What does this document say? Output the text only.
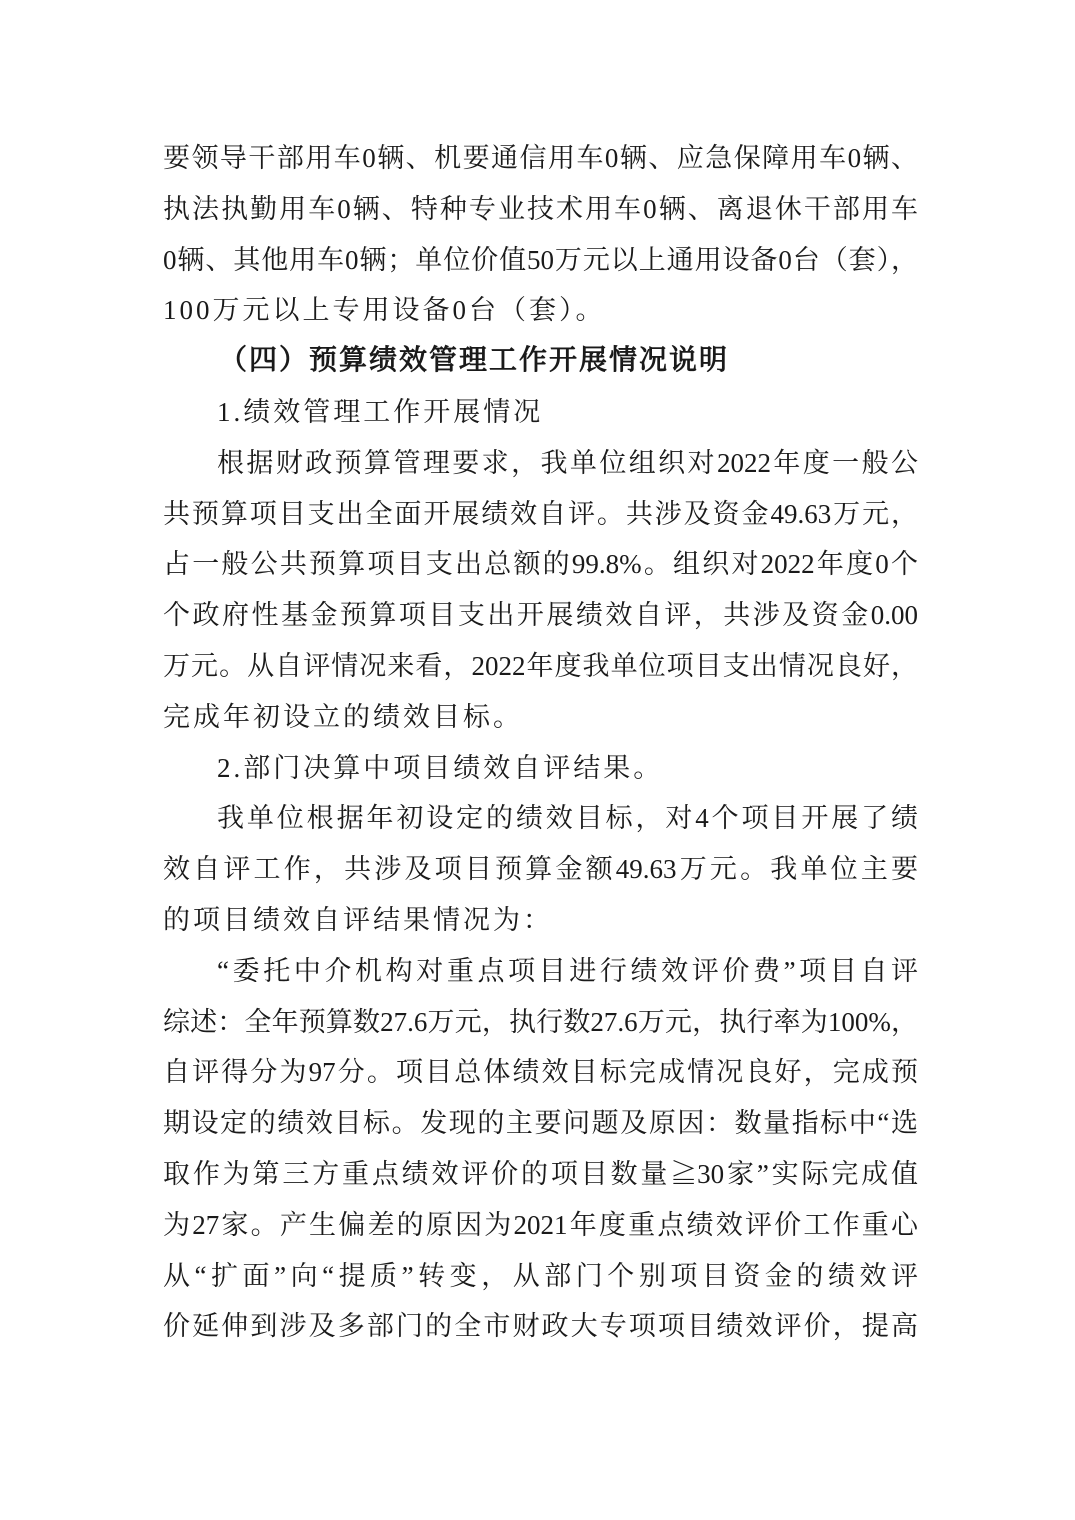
要领导干部用车0辆、机要通信用车0辆、应急保障用车0辆、
执法执勤用车0辆、特种专业技术用车0辆、离退休干部用车
0辆、其他用车0辆；单位价值50万元以上通用设备0台（套），
100万元以上专用设备0台（套）。
（四）预算绩效管理工作开展情况说明
1.绩效管理工作开展情况
根据财政预算管理要求，我单位组织对2022年度一般公
共预算项目支出全面开展绩效自评。共涉及资金49.63万元，
占一般公共预算项目支出总额的99.8%。组织对2022年度0个
个政府性基金预算项目支出开展绩效自评，共涉及资金0.00
万元。从自评情况来看，2022年度我单位项目支出情况良好，
完成年初设立的绩效目标。
2.部门决算中项目绩效自评结果。
我单位根据年初设定的绩效目标，对4个项目开展了绩
效自评工作，共涉及项目预算金额49.63万元。我单位主要
的项目绩效自评结果情况为：
“委托中介机构对重点项目进行绩效评价费”项目自评
综述：全年预算数27.6万元，执行数27.6万元，执行率为100%，
自评得分为97分。项目总体绩效目标完成情况良好，完成预
期设定的绩效目标。发现的主要问题及原因：数量指标中“选
取作为第三方重点绩效评价的项目数量≧30家”实际完成值
为27家。产生偏差的原因为2021年度重点绩效评价工作重心
从“扩面”向“提质”转变，从部门个别项目资金的绩效评
价延伸到涉及多部门的全市财政大专项项目绩效评价，提高
